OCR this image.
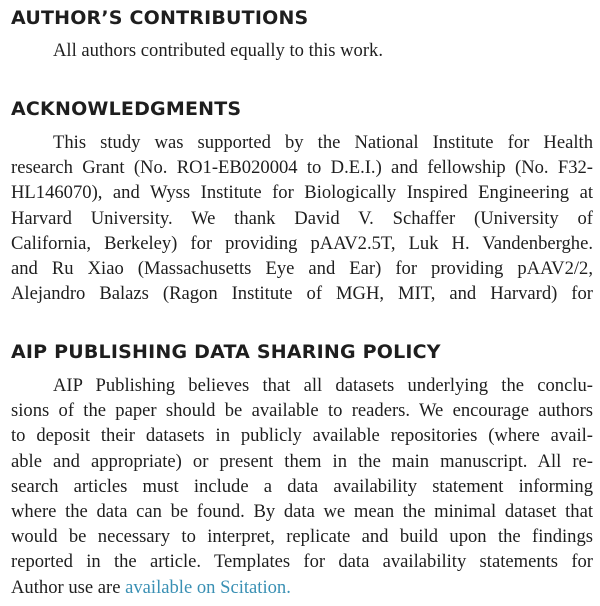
AUTHOR’S CONTRIBUTIONS

All authors contributed equally to this work.

ACKNOWLEDGMENTS

This study was supported by the National Institute for Health
research Grant (No. RO1-EB020004 to D.E.I.) and fellowship (No. F32-
HL146070), and Wyss Institute for Biologically Inspired Engineering at
Harvard University. We thank David V. Schaffer (University of
California, Berkeley) for providing pAAV2.5T, Luk H. Vandenberghe.
and Ru Xiao (Massachusetts Eye and Ear) for providing pAAV2/2,
Alejandro Balazs (Ragon Institute of MGH, MIT, and Harvard) for

AIP PUBLISHING DATA SHARING POLICY

AIP Publishing believes that all datasets underlying the conclu-
sions of the paper should be available to readers. We encourage authors
to deposit their datasets in publicly available repositories (where avail-
able and appropriate) or present them in the main manuscript. All re-
search articles must include a data availability statement informing
where the data can be found. By data we mean the minimal dataset that
would be necessary to interpret, replicate and build upon the findings
reported in the article. Templates for data availability statements for
Author use are available on Scitation.
